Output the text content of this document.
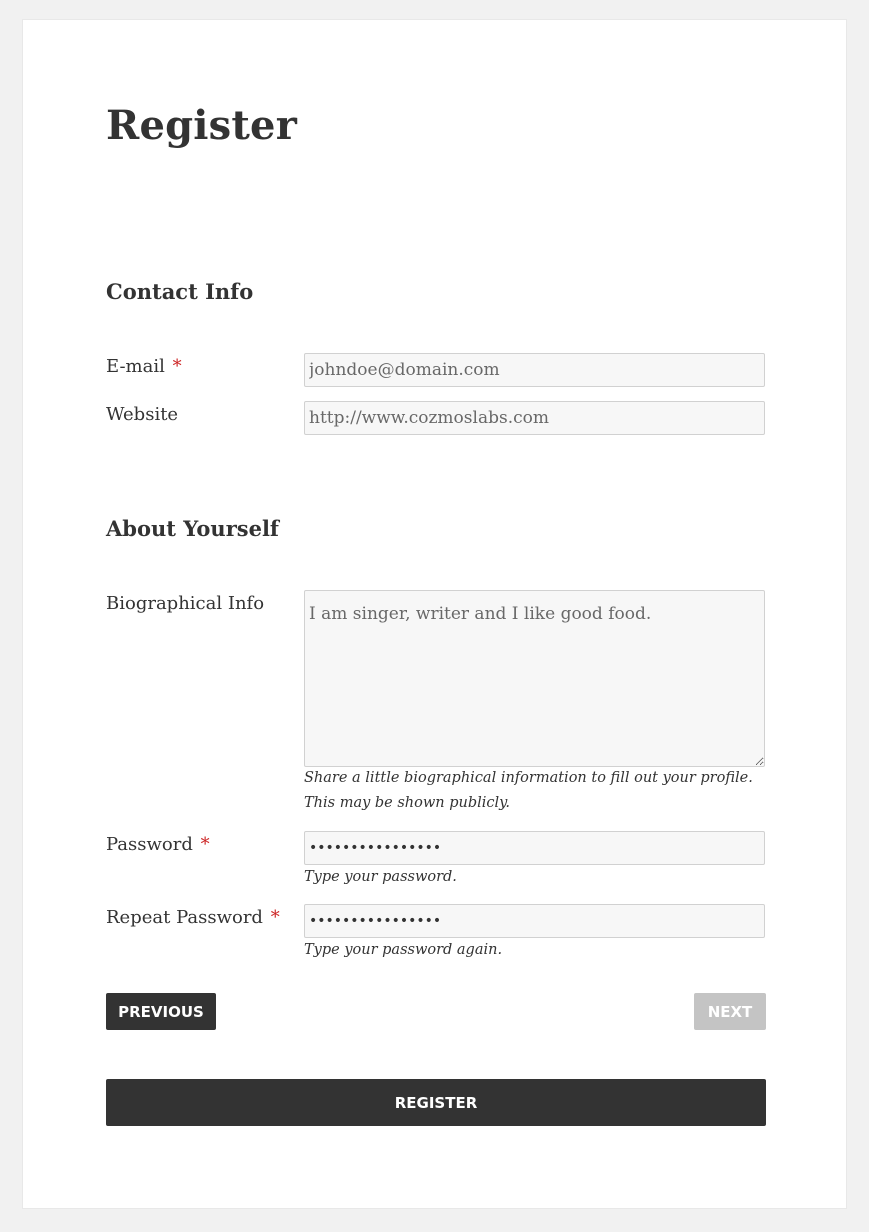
Register
Contact Info
E-mail *
johndoe@domain.com
Website
http://www.cozmoslabs.com
About Yourself
Biographical Info
I am singer, writer and I like good food.
Share a little biographical information to fill out your profile.
This may be shown publicly.
Password *
••••••••••••••••
Type your password.
Repeat Password *
••••••••••••••••
Type your password again.
PREVIOUS	NEXT
REGISTER
